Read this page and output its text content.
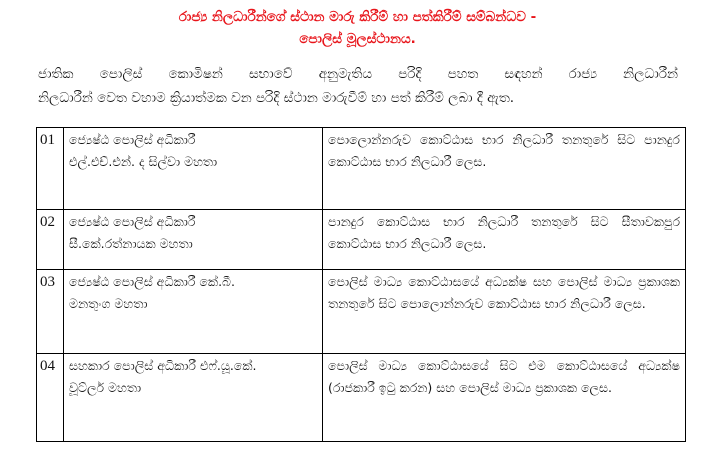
රාජ්‍ය නිලධාරීන්ගේ ස්ථාන මාරු කිරීම් හා පත්කිරීම් සම්බන්ධව -
පොලිස් මූලස්ථානය.
ජාතික පොලිස් කොමිෂන් සභාවේ අනුමැතිය පරිදි පහත සඳහන් රාජ්‍ය නිලධාරීන්
නිලධාරීන් වෙත වහාම ක්‍රියාත්මක වන පරිදි ස්ථාන මාරුවීම් හා පත් කිරීම් ලබා දී ඇත.
01	ජ්‍යෙෂ්ඨ පොලිස් අධිකාරී
එල්.එච්.එන්. ද සිල්වා මහතා	පොලොන්නරුව කොට්ඨාස භාර නිලධාරී තනතුරේ සිට පානදුර කොට්ඨාස භාර නිලධාරී ලෙස.
02	ජ්‍යෙෂ්ඨ පොලිස් අධිකාරී
සී.කේ.රත්නායක මහතා	පානදුර කොට්ඨාස භාර නිලධාරී තනතුරේ සිට සීතාවකපුර කොට්ඨාස භාර නිලධාරී ලෙස.
03	ජ්‍යෙෂ්ඨ පොලිස් අධිකාරී කේ.බී.
මනතුංග මහතා	පොලිස් මාධ්‍ය කොට්ඨාසයේ අධ්‍යක්ෂ සහ පොලිස් මාධ්‍ය ප්‍රකාශක තනතුරේ සිට පොලොන්නරුව කොට්ඨාස භාර නිලධාරී ලෙස.
04	සහකාර පොලිස් අධිකාරී එෆ්.යූ.කේ.
වූට්ලර් මහතා	පොලිස් මාධ්‍ය කොට්ඨාසයේ සිට එම කොට්ඨාසයේ අධ්‍යක්ෂ (රාජකාරී ඉටු කරන) සහ පොලිස් මාධ්‍ය ප්‍රකාශක ලෙස.
